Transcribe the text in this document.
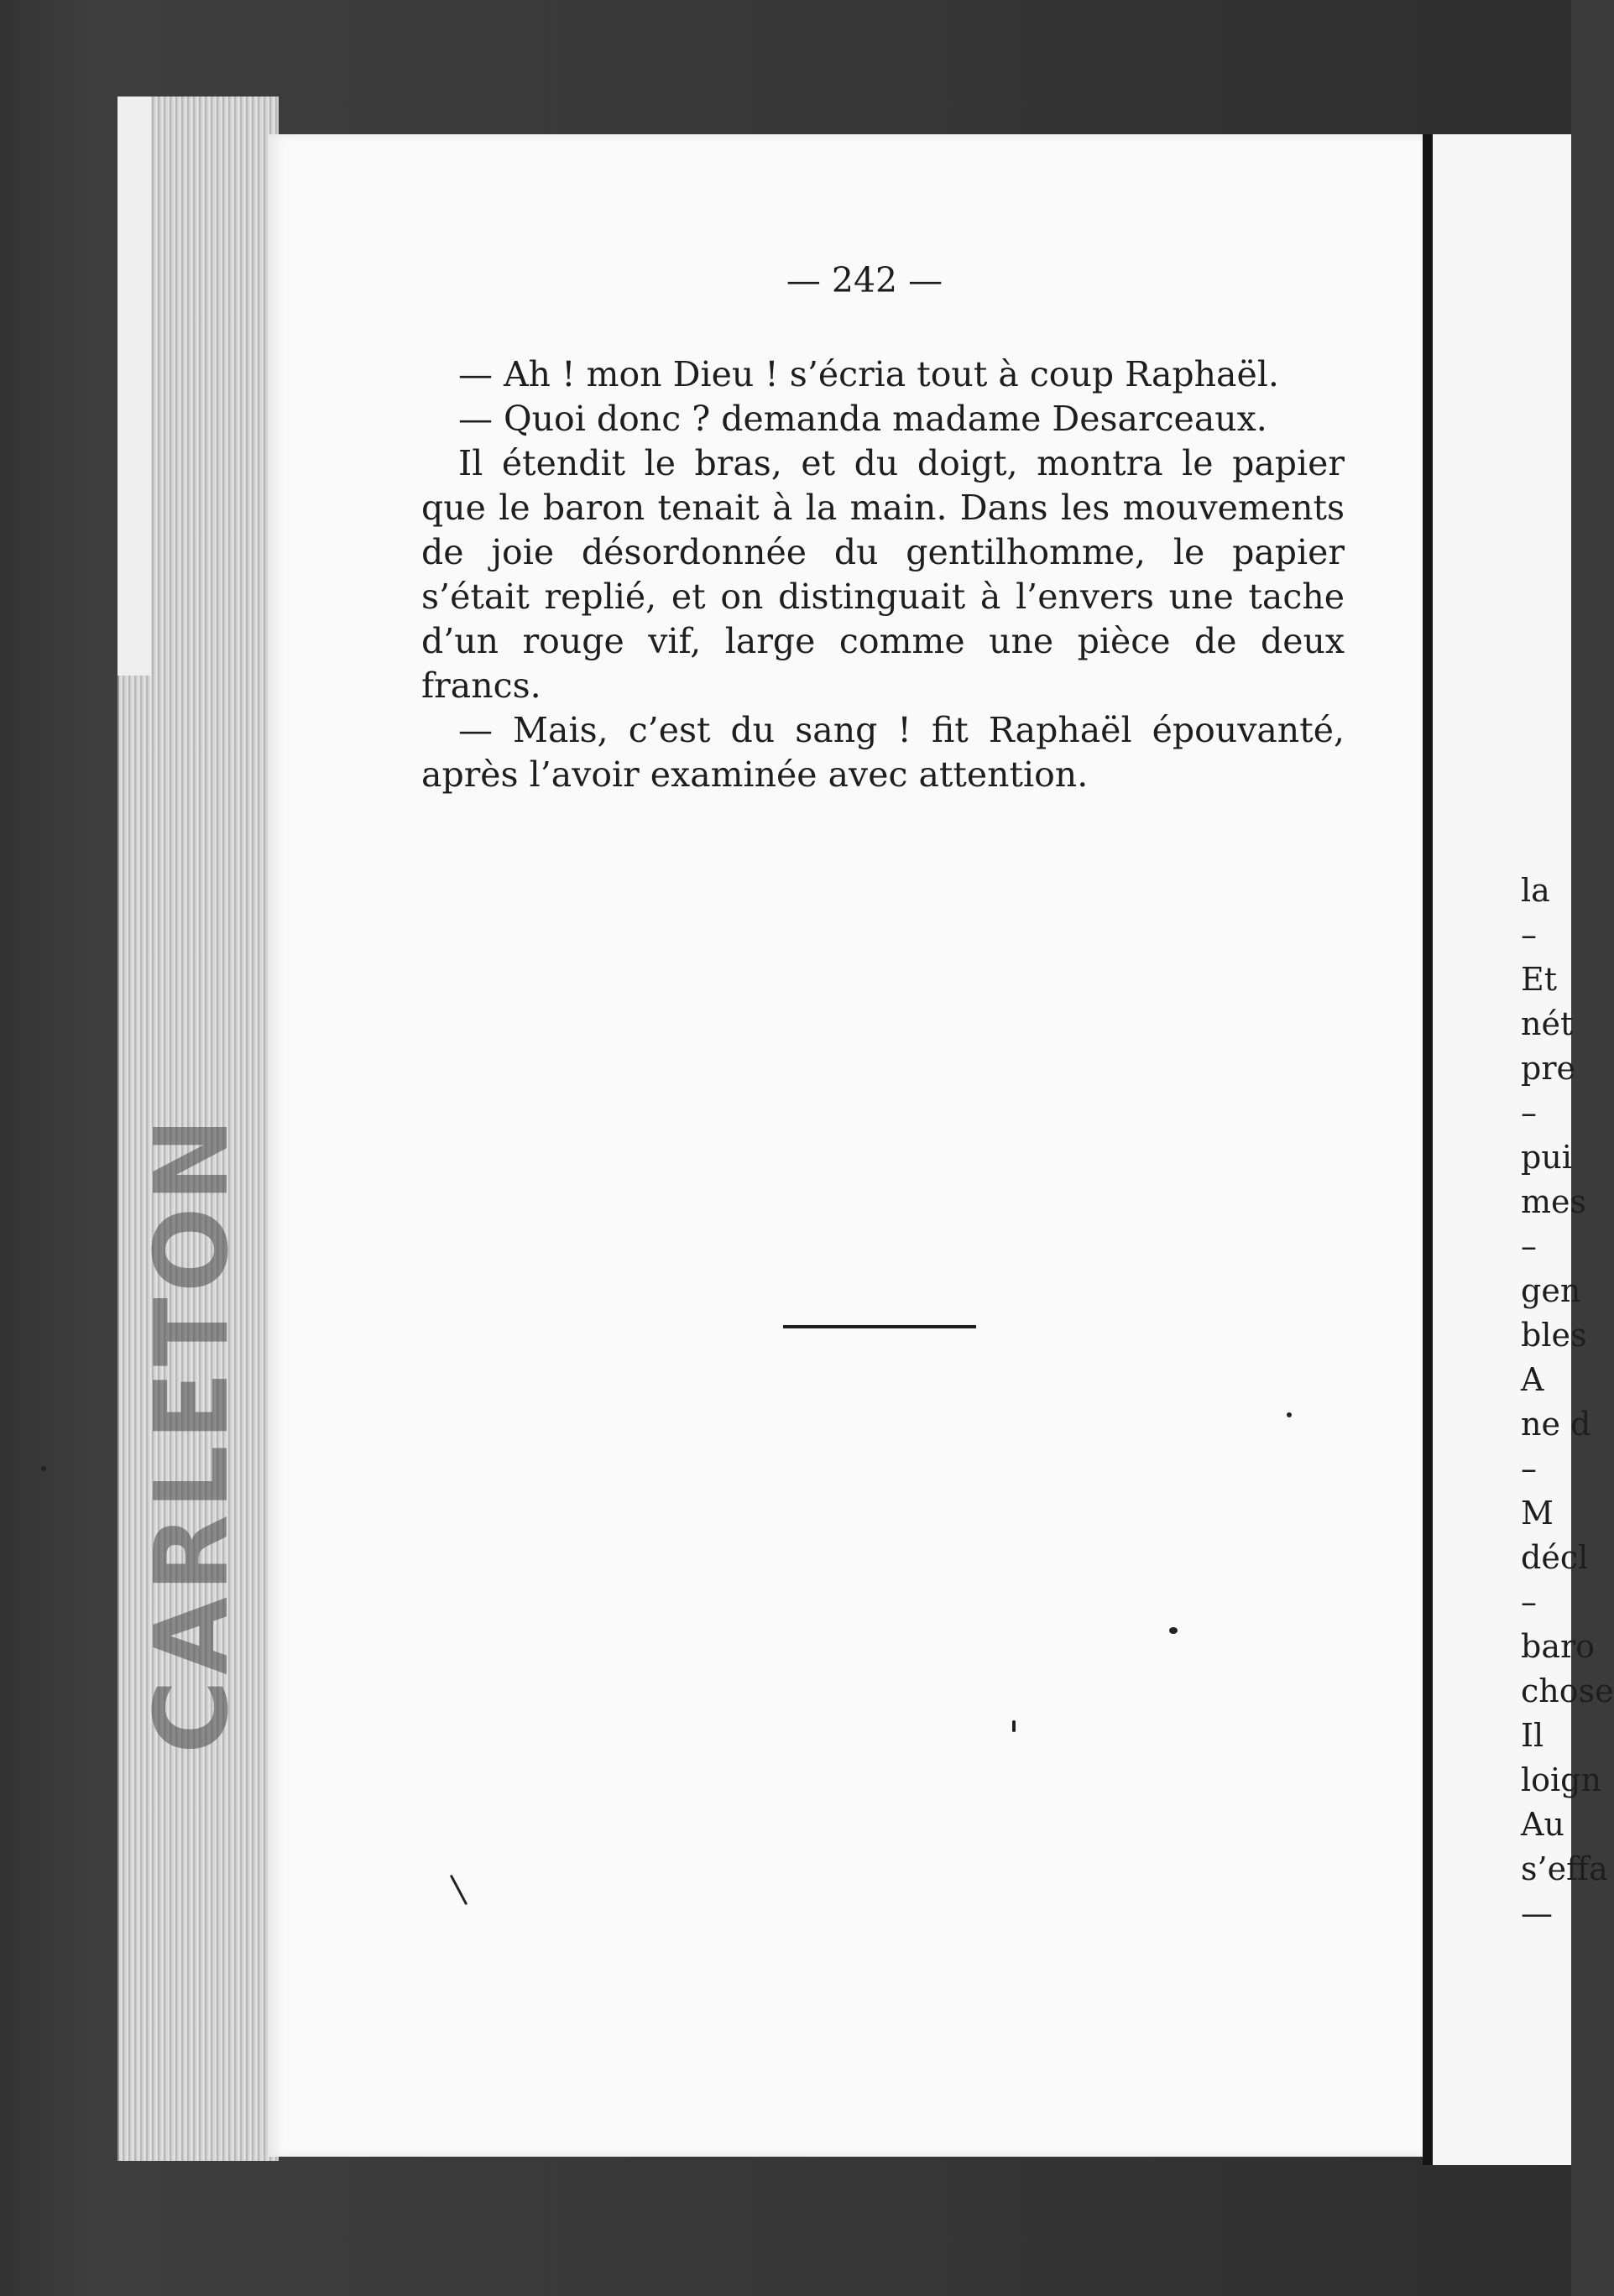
CARLETON
— 242 —

— Ah ! mon Dieu ! s’écria tout à coup Raphaël.

— Quoi donc ? demanda madame Desarceaux.

Il étendit le bras, et du doigt, montra le papier que le baron tenait à la main. Dans les mouvements de joie désordonnée du gentilhomme, le papier s’était replié, et on distinguait à l’envers une tache d’un rouge vif, large comme une pièce de deux francs.

— Mais, c’est du sang ! fit Raphaël épouvanté, après l’avoir examinée avec attention.

la
–
Et
nét
pre
–
pui
mes
–
gen
bles
A
ne d
–
M
décl
–
baro
chose
Il
loign
Au
s’effa
—
